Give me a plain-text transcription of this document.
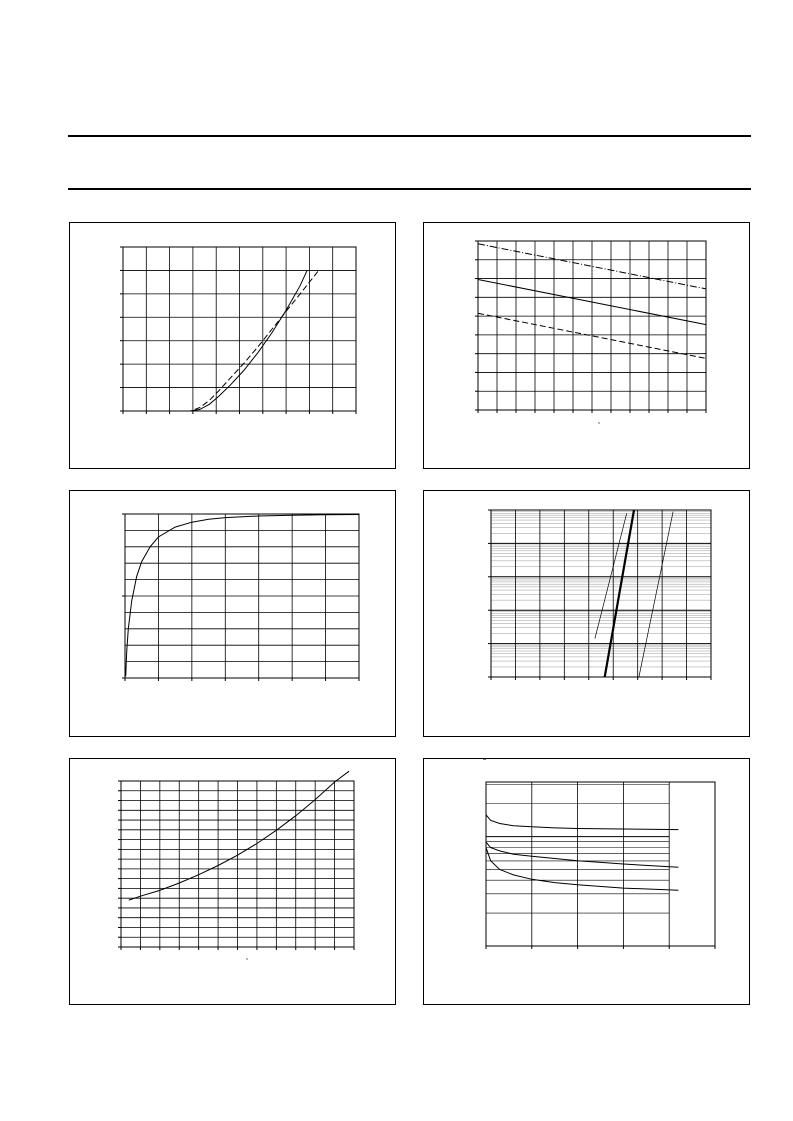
°
°
